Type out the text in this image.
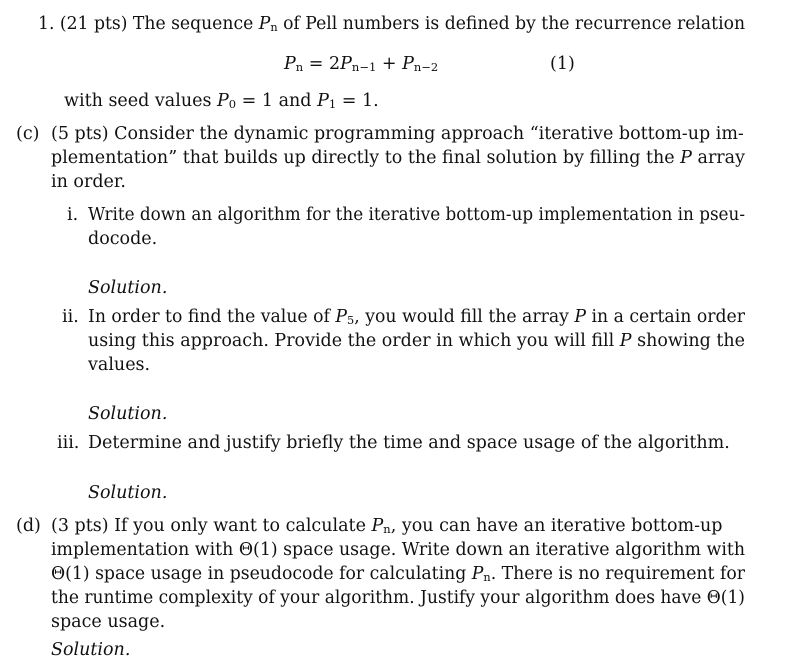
1. (21 pts) The sequence $P_n$ of Pell numbers is defined by the recurrence relation
$P_n = 2P_{n-1} + P_{n-2}$	(1)
with seed values $P_0 = 1$ and $P_1 = 1$.
(c) (5 pts) Consider the dynamic programming approach “iterative bottom-up im-
plementation” that builds up directly to the final solution by filling the P array
in order.
i. Write down an algorithm for the iterative bottom-up implementation in pseu-
docode.
Solution.
ii. In order to find the value of $P_5$, you would fill the array P in a certain order
using this approach. Provide the order in which you will fill P showing the
values.
Solution.
iii. Determine and justify briefly the time and space usage of the algorithm.
Solution.
(d) (3 pts) If you only want to calculate $P_n$, you can have an iterative bottom-up
implementation with Θ(1) space usage. Write down an iterative algorithm with
Θ(1) space usage in pseudocode for calculating $P_n$. There is no requirement for
the runtime complexity of your algorithm. Justify your algorithm does have Θ(1)
space usage.
Solution.
